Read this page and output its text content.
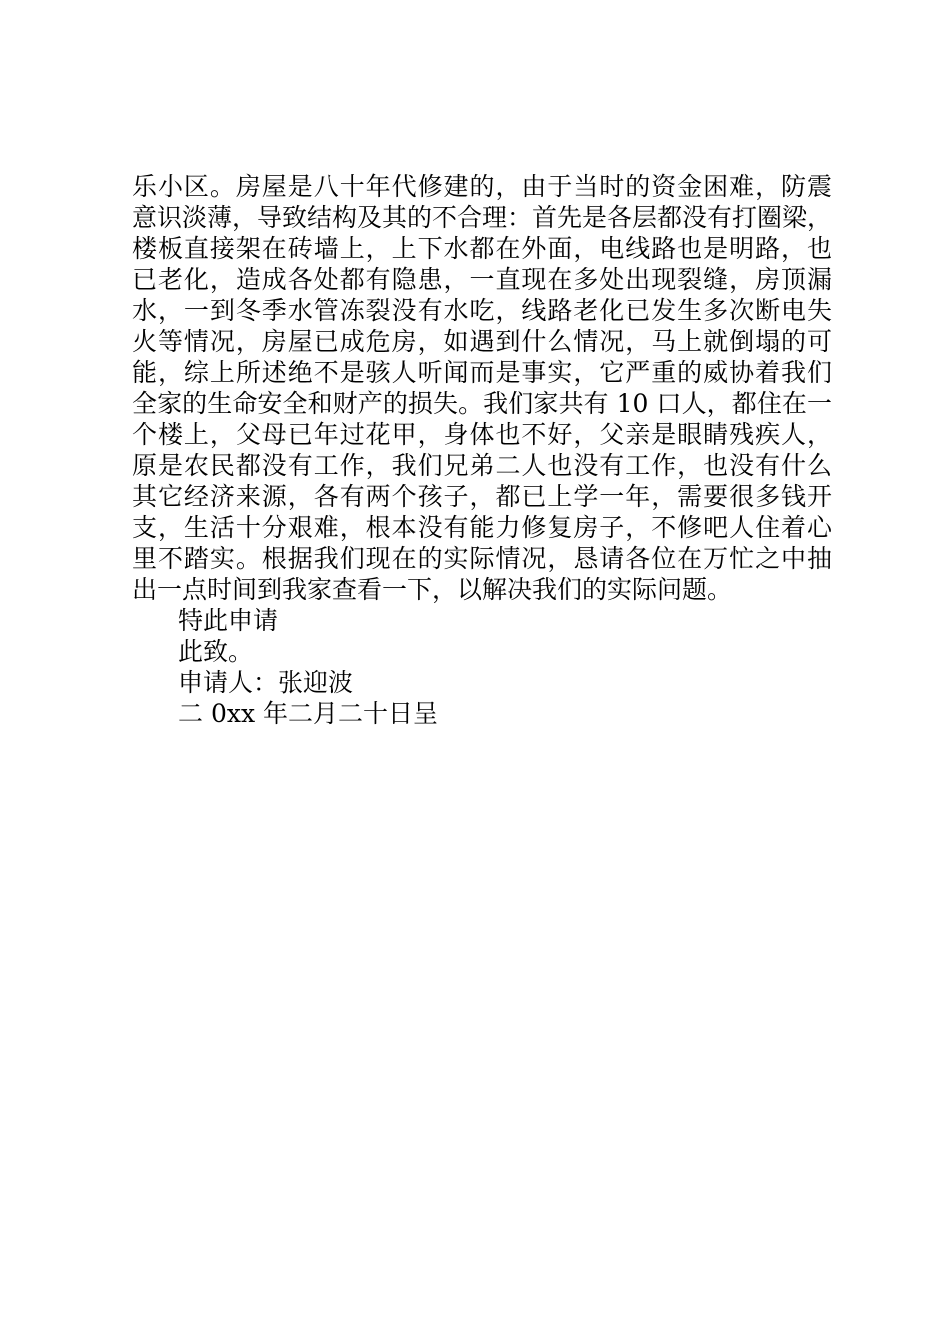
乐小区。房屋是八十年代修建的，由于当时的资金困难，防震
意识淡薄，导致结构及其的不合理：首先是各层都没有打圈梁，
楼板直接架在砖墙上，上下水都在外面，电线路也是明路，也
已老化，造成各处都有隐患，一直现在多处出现裂缝，房顶漏
水，一到冬季水管冻裂没有水吃，线路老化已发生多次断电失
火等情况，房屋已成危房，如遇到什么情况，马上就倒塌的可
能，综上所述绝不是骇人听闻而是事实，它严重的威协着我们
全家的生命安全和财产的损失。我们家共有 10 口人，都住在一
个楼上，父母已年过花甲，身体也不好，父亲是眼睛残疾人，
原是农民都没有工作，我们兄弟二人也没有工作，也没有什么
其它经济来源，各有两个孩子，都已上学一年，需要很多钱开
支，生活十分艰难，根本没有能力修复房子，不修吧人住着心
里不踏实。根据我们现在的实际情况，恳请各位在万忙之中抽
出一点时间到我家查看一下，以解决我们的实际问题。
特此申请
此致。
申请人：张迎波
二 0xx 年二月二十日呈
